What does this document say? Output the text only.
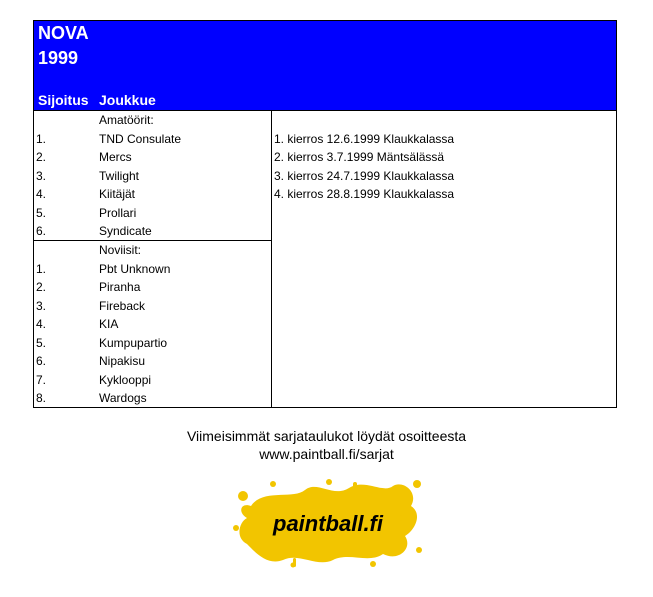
NOVA
1999
Sijoitus Joukkue
Amatöörit:
1.	TND Consulate
2.	Mercs
3.	Twilight
4.	Kiitäjät
5.	Prollari
6.	Syndicate
Noviisit:
1.	Pbt Unknown
2.	Piranha
3.	Fireback
4.	KIA
5.	Kumpupartio
6.	Nipakisu
7.	Kyklooppi
8.	Wardogs
1. kierros 12.6.1999 Klaukkalassa
2. kierros 3.7.1999 Mäntsälässä
3. kierros 24.7.1999 Klaukkalassa
4. kierros 28.8.1999 Klaukkalassa
Viimeisimmät sarjataulukot löydät osoitteesta
www.paintball.fi/sarjat
paintball.fi
